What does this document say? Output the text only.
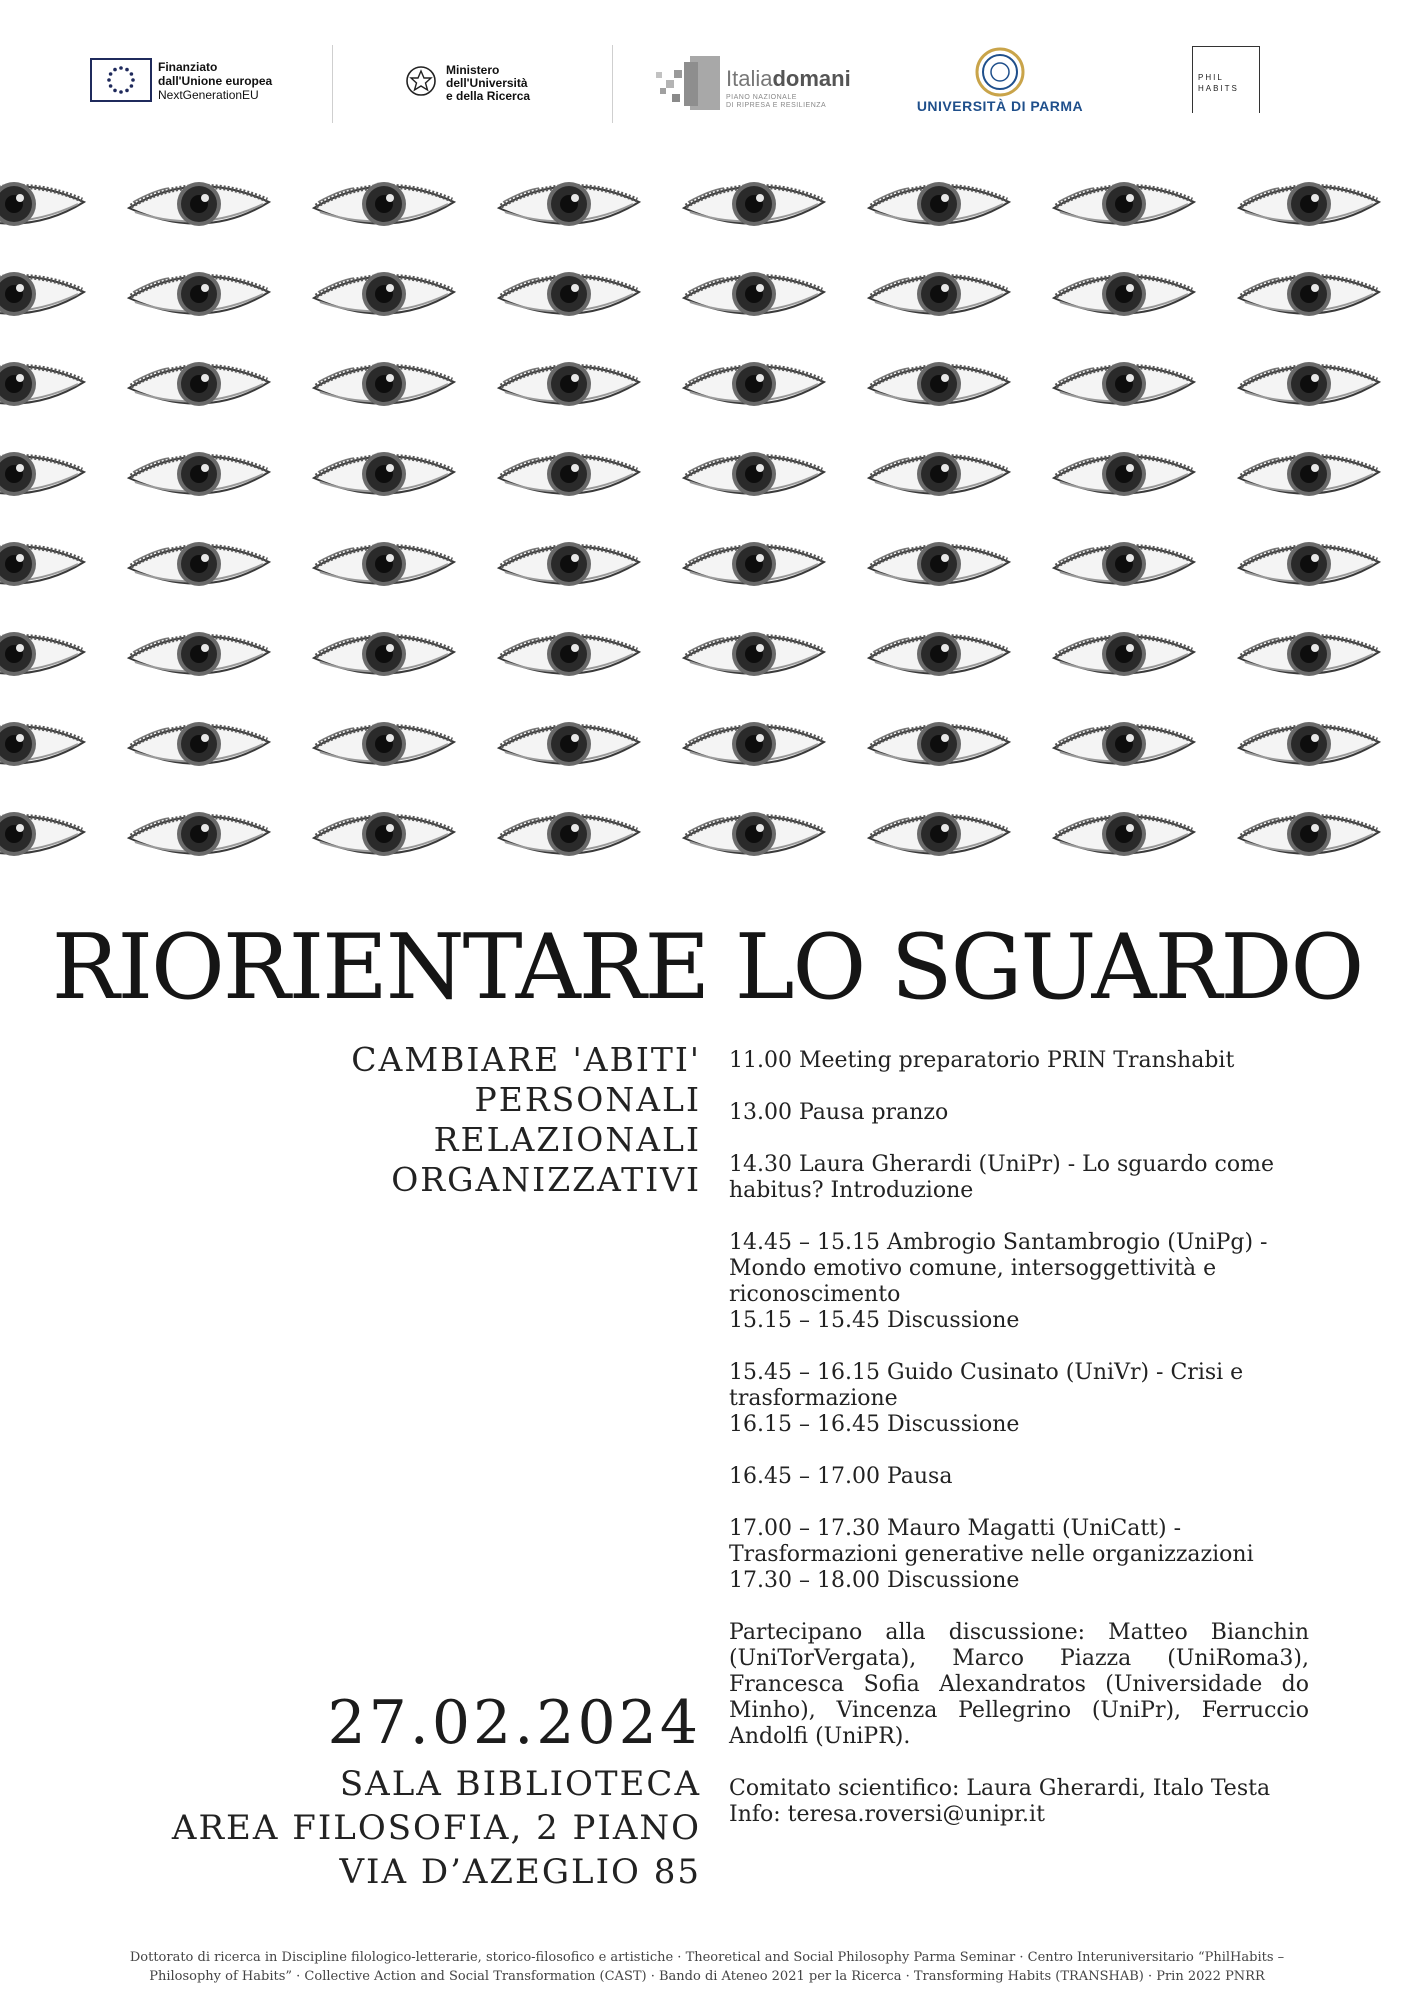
Finanziato
dall'Unione europea
NextGenerationEU
Ministero
dell'Università
e della Ricerca
Italiadomani
PIANO NAZIONALE
DI RIPRESA E RESILIENZA	UNIVERSITÀ DI PARMA
PHIL
HABITS
RIORIENTARE LO SGUARDO
CAMBIARE 'ABITI'
PERSONALI
RELAZIONALI
ORGANIZZATIVI
11.00 Meeting preparatorio PRIN Transhabit
13.00 Pausa pranzo
14.30 Laura Gherardi (UniPr) - Lo sguardo come habitus? Introduzione
14.45 – 15.15 Ambrogio Santambrogio (UniPg) - Mondo emotivo comune, intersoggettività e riconoscimento
15.15 – 15.45 Discussione
15.45 – 16.15 Guido Cusinato (UniVr) - Crisi e trasformazione
16.15 – 16.45 Discussione
16.45 – 17.00 Pausa
17.00 – 17.30 Mauro Magatti (UniCatt) - Trasformazioni generative nelle organizzazioni
17.30 – 18.00 Discussione
Partecipano alla discussione: Matteo Bianchin (UniTorVergata), Marco Piazza (UniRoma3), Francesca Sofia Alexandratos (Universidade do Minho), Vincenza Pellegrino (UniPr), Ferruccio Andolfi (UniPR).
Comitato scientifico: Laura Gherardi, Italo Testa
Info: teresa.roversi@unipr.it
27.02.2024
SALA BIBLIOTECA
AREA FILOSOFIA, 2 PIANO
VIA D’AZEGLIO 85
Dottorato di ricerca in Discipline filologico-letterarie, storico-filosofico e artistiche · Theoretical and Social Philosophy Parma Seminar · Centro Interuniversitario “PhilHabits –
Philosophy of Habits” · Collective Action and Social Transformation (CAST) · Bando di Ateneo 2021 per la Ricerca · Transforming Habits (TRANSHAB) · Prin 2022 PNRR
